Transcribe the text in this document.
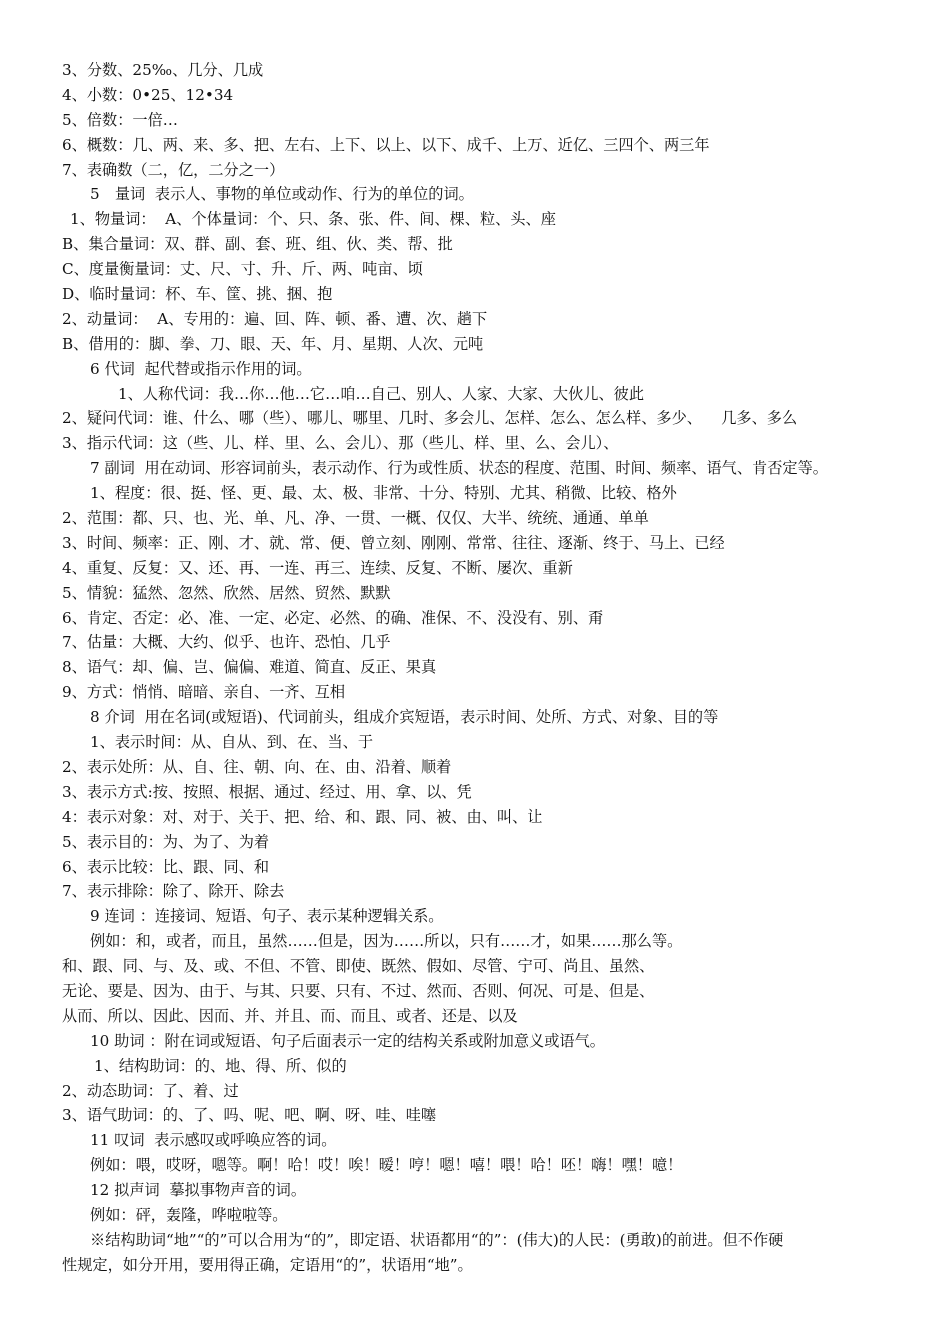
3、分数、25‰、几分、几成
4、小数：0•25、12•34
5、倍数：一倍…
6、概数：几、两、来、多、把、左右、上下、以上、以下、成千、上万、近亿、三四个、两三年
7、表确数（二，亿，二分之一）
5　量词  表示人、事物的单位或动作、行为的单位的词。
1、物量词：  A、个体量词：个、只、条、张、件、间、棵、粒、头、座
B、集合量词：双、群、副、套、班、组、伙、类、帮、批
C、度量衡量词：丈、尺、寸、升、斤、两、吨亩、顷
D、临时量词：杯、车、筐、挑、捆、抱
2、动量词：  A、专用的：遍、回、阵、顿、番、遭、次、趟下
B、借用的：脚、拳、刀、眼、天、年、月、星期、人次、元吨
6 代词  起代替或指示作用的词。
1、人称代词：我…你…他…它…咱…自己、别人、人家、大家、大伙儿、彼此
2、疑问代词：谁、什么、哪（些）、哪儿、哪里、几时、多会儿、怎样、怎么、怎么样、多少、    几多、多么
3、指示代词：这（些、儿、样、里、么、会儿）、那（些儿、样、里、么、会儿）、
7 副词  用在动词、形容词前头，表示动作、行为或性质、状态的程度、范围、时间、频率、语气、肯否定等。
1、程度：很、挺、怪、更、最、太、极、非常、十分、特别、尤其、稍微、比较、格外
2、范围：都、只、也、光、单、凡、净、一贯、一概、仅仅、大半、统统、通通、单单
3、时间、频率：正、刚、才、就、常、便、曾立刻、刚刚、常常、往往、逐渐、终于、马上、已经
4、重复、反复：又、还、再、一连、再三、连续、反复、不断、屡次、重新
5、情貌：猛然、忽然、欣然、居然、贸然、默默
6、肯定、否定：必、准、一定、必定、必然、的确、准保、不、没没有、别、甭
7、估量：大概、大约、似乎、也许、恐怕、几乎
8、语气：却、偏、岂、偏偏、难道、简直、反正、果真
9、方式：悄悄、暗暗、亲自、一齐、互相
8 介词  用在名词(或短语)、代词前头，组成介宾短语，表示时间、处所、方式、对象、目的等
1、表示时间：从、自从、到、在、当、于
2、表示处所：从、自、往、朝、向、在、由、沿着、顺着
3、表示方式:按、按照、根据、通过、经过、用、拿、以、凭
4：表示对象：对、对于、关于、把、给、和、跟、同、被、由、叫、让
5、表示目的：为、为了、为着
6、表示比较：比、跟、同、和
7、表示排除：除了、除开、除去
9 连词 ：连接词、短语、句子、表示某种逻辑关系。
例如：和，或者，而且，虽然……但是，因为……所以，只有……才，如果……那么等。
和、跟、同、与、及、或、不但、不管、即使、既然、假如、尽管、宁可、尚且、虽然、
无论、要是、因为、由于、与其、只要、只有、不过、然而、否则、何况、可是、但是、
从而、所以、因此、因而、并、并且、而、而且、或者、还是、以及
10 助词 ：附在词或短语、句子后面表示一定的结构关系或附加意义或语气。
1、结构助词：的、地、得、所、似的
2、动态助词：了、着、过
3、语气助词：的、了、吗、呢、吧、啊、呀、哇、哇噻
11 叹词  表示感叹或呼唤应答的词。
例如：喂，哎呀，嗯等。啊！哈！哎！唉！暧！哼！嗯！嘻！喂！哈！呸！嗨！嘿！噫！
12 拟声词  摹拟事物声音的词。
例如：砰，轰隆，哗啦啦等。
※结构助词“地”“的”可以合用为“的”，即定语、状语都用“的”：(伟大)的人民：(勇敢)的前进。但不作硬
性规定，如分开用，要用得正确，定语用“的”，状语用“地”。
